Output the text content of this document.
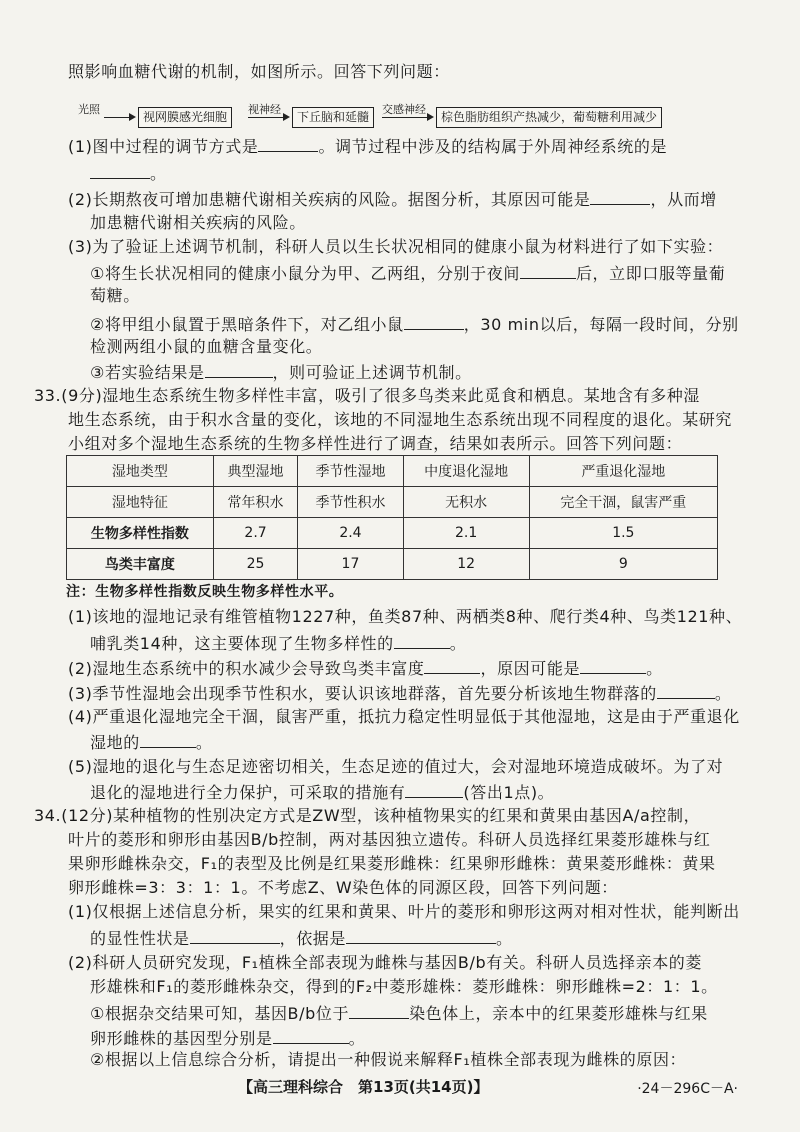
照影响血糖代谢的机制，如图所示。回答下列问题：
光照
视网膜感光细胞
视神经
下丘脑和延髓
交感神经
棕色脂肪组织产热减少，葡萄糖利用减少
(1)图中过程的调节方式是	。调节过程中涉及的结构属于外周神经系统的是
。
(2)长期熬夜可增加患糖代谢相关疾病的风险。据图分析，其原因可能是	，从而增
加患糖代谢相关疾病的风险。
(3)为了验证上述调节机制，科研人员以生长状况相同的健康小鼠为材料进行了如下实验：
①将生长状况相同的健康小鼠分为甲、乙两组，分别于夜间	后，立即口服等量葡
萄糖。
②将甲组小鼠置于黑暗条件下，对乙组小鼠	，30 min以后，每隔一段时间，分别
检测两组小鼠的血糖含量变化。
③若实验结果是	，则可验证上述调节机制。
33.(9分)湿地生态系统生物多样性丰富，吸引了很多鸟类来此觅食和栖息。某地含有多种湿
地生态系统，由于积水含量的变化，该地的不同湿地生态系统出现不同程度的退化。某研究
小组对多个湿地生态系统的生物多样性进行了调查，结果如表所示。回答下列问题：
湿地类型	典型湿地	季节性湿地	中度退化湿地	严重退化湿地
湿地特征	常年积水	季节性积水	无积水	完全干涸，鼠害严重
生物多样性指数	2.7	2.4	2.1	1.5
鸟类丰富度	25	17	12	9
注：生物多样性指数反映生物多样性水平。
(1)该地的湿地记录有维管植物1227种，鱼类87种、两栖类8种、爬行类4种、鸟类121种、
哺乳类14种，这主要体现了生物多样性的	。
(2)湿地生态系统中的积水减少会导致鸟类丰富度	，原因可能是	。
(3)季节性湿地会出现季节性积水，要认识该地群落，首先要分析该地生物群落的	。
(4)严重退化湿地完全干涸，鼠害严重，抵抗力稳定性明显低于其他湿地，这是由于严重退化
湿地的	。
(5)湿地的退化与生态足迹密切相关，生态足迹的值过大，会对湿地环境造成破坏。为了对
退化的湿地进行全力保护，可采取的措施有	(答出1点)。
34.(12分)某种植物的性别决定方式是ZW型，该种植物果实的红果和黄果由基因A/a控制，
叶片的菱形和卵形由基因B/b控制，两对基因独立遗传。科研人员选择红果菱形雄株与红
果卵形雌株杂交，F₁的表型及比例是红果菱形雌株：红果卵形雌株：黄果菱形雌株：黄果
卵形雌株=3：3：1：1。不考虑Z、W染色体的同源区段，回答下列问题：
(1)仅根据上述信息分析，果实的红果和黄果、叶片的菱形和卵形这两对相对性状，能判断出
的显性性状是	，依据是	。
(2)科研人员研究发现，F₁植株全部表现为雌株与基因B/b有关。科研人员选择亲本的菱
形雄株和F₁的菱形雌株杂交，得到的F₂中菱形雄株：菱形雌株：卵形雌株=2：1：1。
①根据杂交结果可知，基因B/b位于	染色体上，亲本中的红果菱形雄株与红果
卵形雌株的基因型分别是	。
②根据以上信息综合分析，请提出一种假说来解释F₁植株全部表现为雌株的原因：
【高三理科综合　第13页(共14页)】	·24－296C－A·
